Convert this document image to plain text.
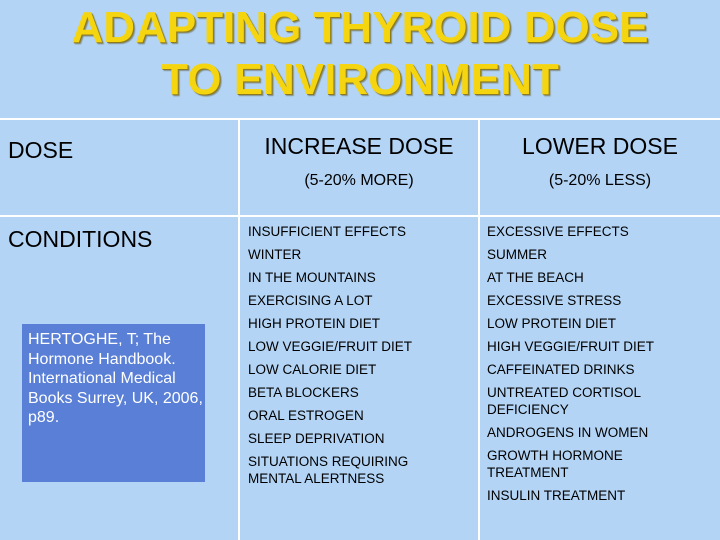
ADAPTING THYROID DOSE
TO ENVIRONMENT
DOSE	INCREASE DOSE
(5-20% MORE)
LOWER DOSE
(5-20% LESS)
CONDITIONS	INSUFFICIENT EFFECTS
WINTER
IN THE MOUNTAINS
EXERCISING A LOT
HIGH PROTEIN DIET
LOW VEGGIE/FRUIT DIET
LOW CALORIE DIET
BETA BLOCKERS
ORAL ESTROGEN
SLEEP DEPRIVATION
SITUATIONS REQUIRING MENTAL ALERTNESS
EXCESSIVE EFFECTS
SUMMER
AT THE BEACH
EXCESSIVE STRESS
LOW PROTEIN DIET
HIGH VEGGIE/FRUIT DIET
CAFFEINATED DRINKS
UNTREATED CORTISOL DEFICIENCY
ANDROGENS IN WOMEN
GROWTH HORMONE TREATMENT
INSULIN TREATMENT
HERTOGHE, T; The Hormone Handbook. International Medical Books Surrey, UK, 2006, p89.
